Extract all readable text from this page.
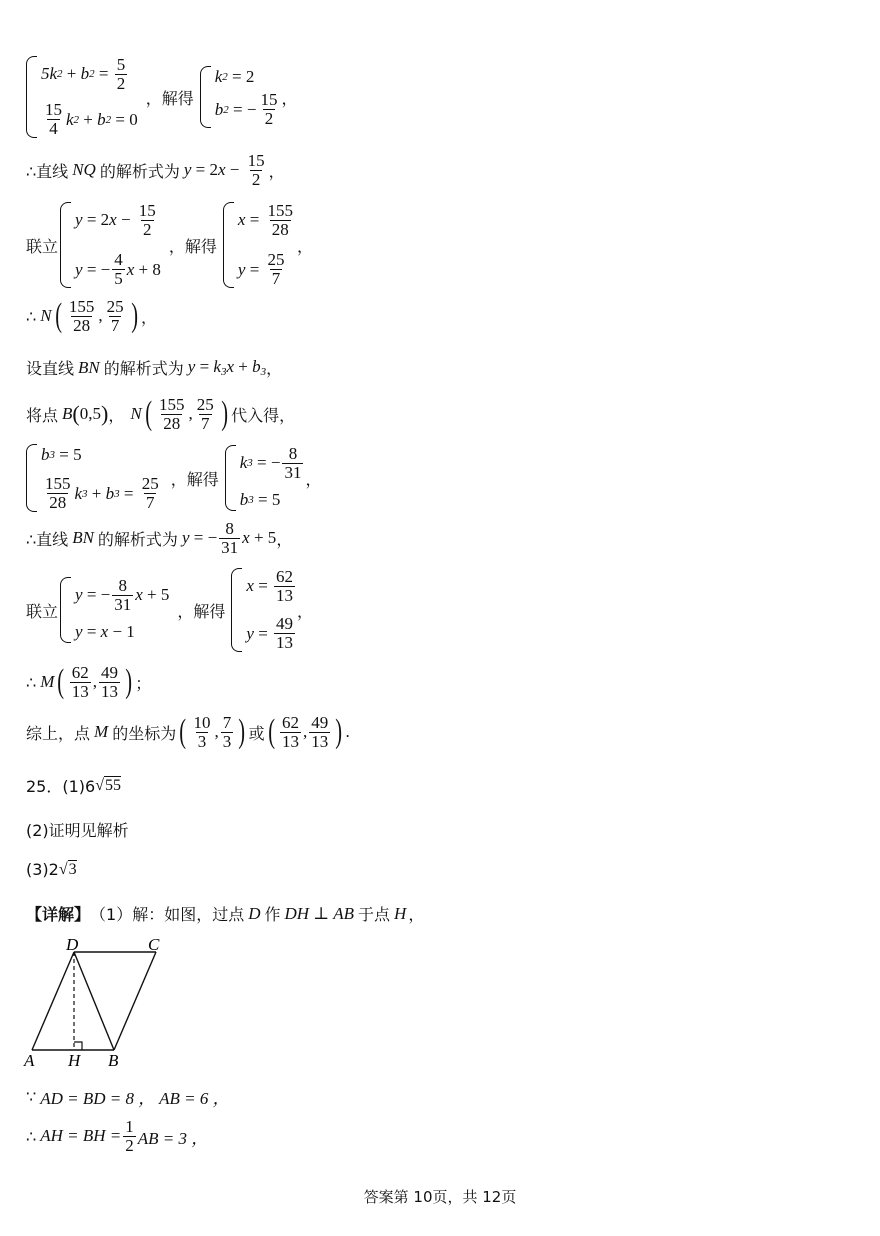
5 k 2 + b $2 = \frac{5}{2}$
$\frac{15}{4}$ k 2 + b 2 = 0
，解得
k 2 = 2
b 2 = − $\frac{15}{2}$ ，
∴直线 NQ 的解析式为 $y = 2x - \frac{15}{2}$ ，
联立
y = 2 $x - \frac{15}{2}$
y = − $\frac{4}{5}$ x + 8
，解得
$x = \frac{155}{28}$
$y = \frac{25}{7}$
，
∴ N ( $\frac{155}{28}$ , $\frac{25}{7}$ ) ，
设直线 BN 的解析式为 $y = k_3x + b_3$ ，
将点 B ( 0,5 ) ， N ( $\frac{155}{28}$ , $\frac{25}{7}$ ) 代入得，
b 3 = 5
$\frac{155}{28}$ k 3 + b $3 = \frac{25}{7}$ ，解得
k 3 = − $\frac{8}{31}$
b 3 = 5
，
∴直线 BN 的解析式为 y = − $\frac{8}{31}$ x + 5 ，
联立
y = − $\frac{8}{31}$ x + 5
y = x − 1
，解得
$x = \frac{62}{13}$
$y = \frac{49}{13}$
，
∴ M ( $\frac{62}{13}$ , $\frac{49}{13}$ ) ；
综上，点 M 的坐标为 ( $\frac{10}{3}$ , $\frac{7}{3}$ ) 或 ( $\frac{62}{13}$ , $\frac{49}{13}$ ) .
25．(1)6 √ 55
(2)证明见解析
(3)2 √ 3
【详解】 （1）解：如图，过点 D 作 DH ⊥ AB 于点 H ，
D	C
A H B
∵ AD = BD = 8 ， AB = 6 ，
∴ AH = BH = $\frac{1}{2}$ AB = 3 ，
答案第 10页，共 12页
